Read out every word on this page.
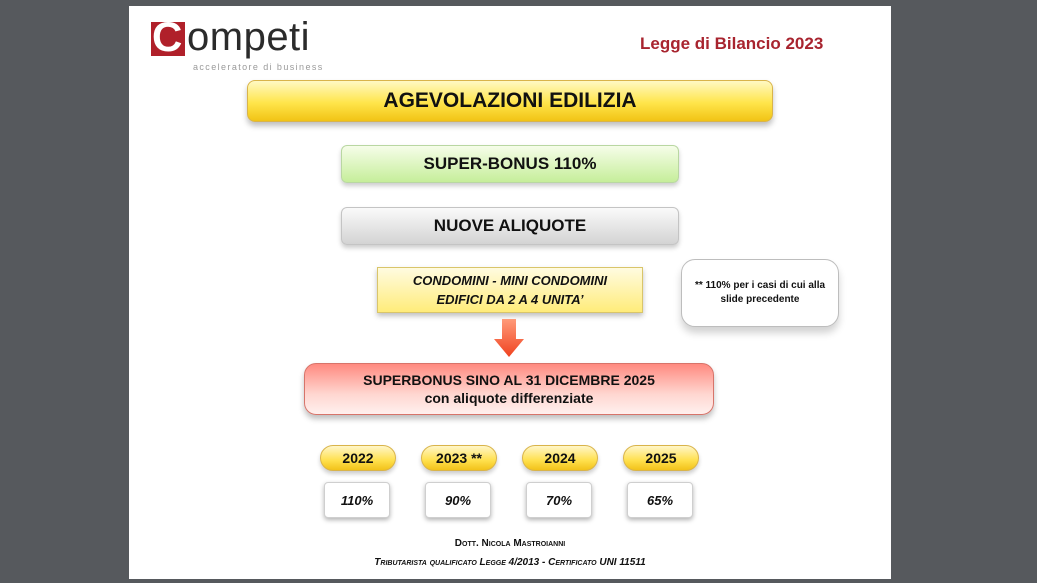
C ompeti
acceleratore di business
Legge di Bilancio 2023
AGEVOLAZIONI EDILIZIA
SUPER-BONUS 110%
NUOVE ALIQUOTE
CONDOMINI - MINI CONDOMINI
EDIFICI DA 2 A 4 UNITA’
** 110% per i casi di cui alla
slide precedente
SUPERBONUS SINO AL 31 DICEMBRE 2025
con aliquote differenziate
2022	2023 **	2024	2025
110%	90%	70%	65%
Dott. Nicola Mastroianni
Tributarista qualificato Legge 4/2013 - Certificato UNI 11511
